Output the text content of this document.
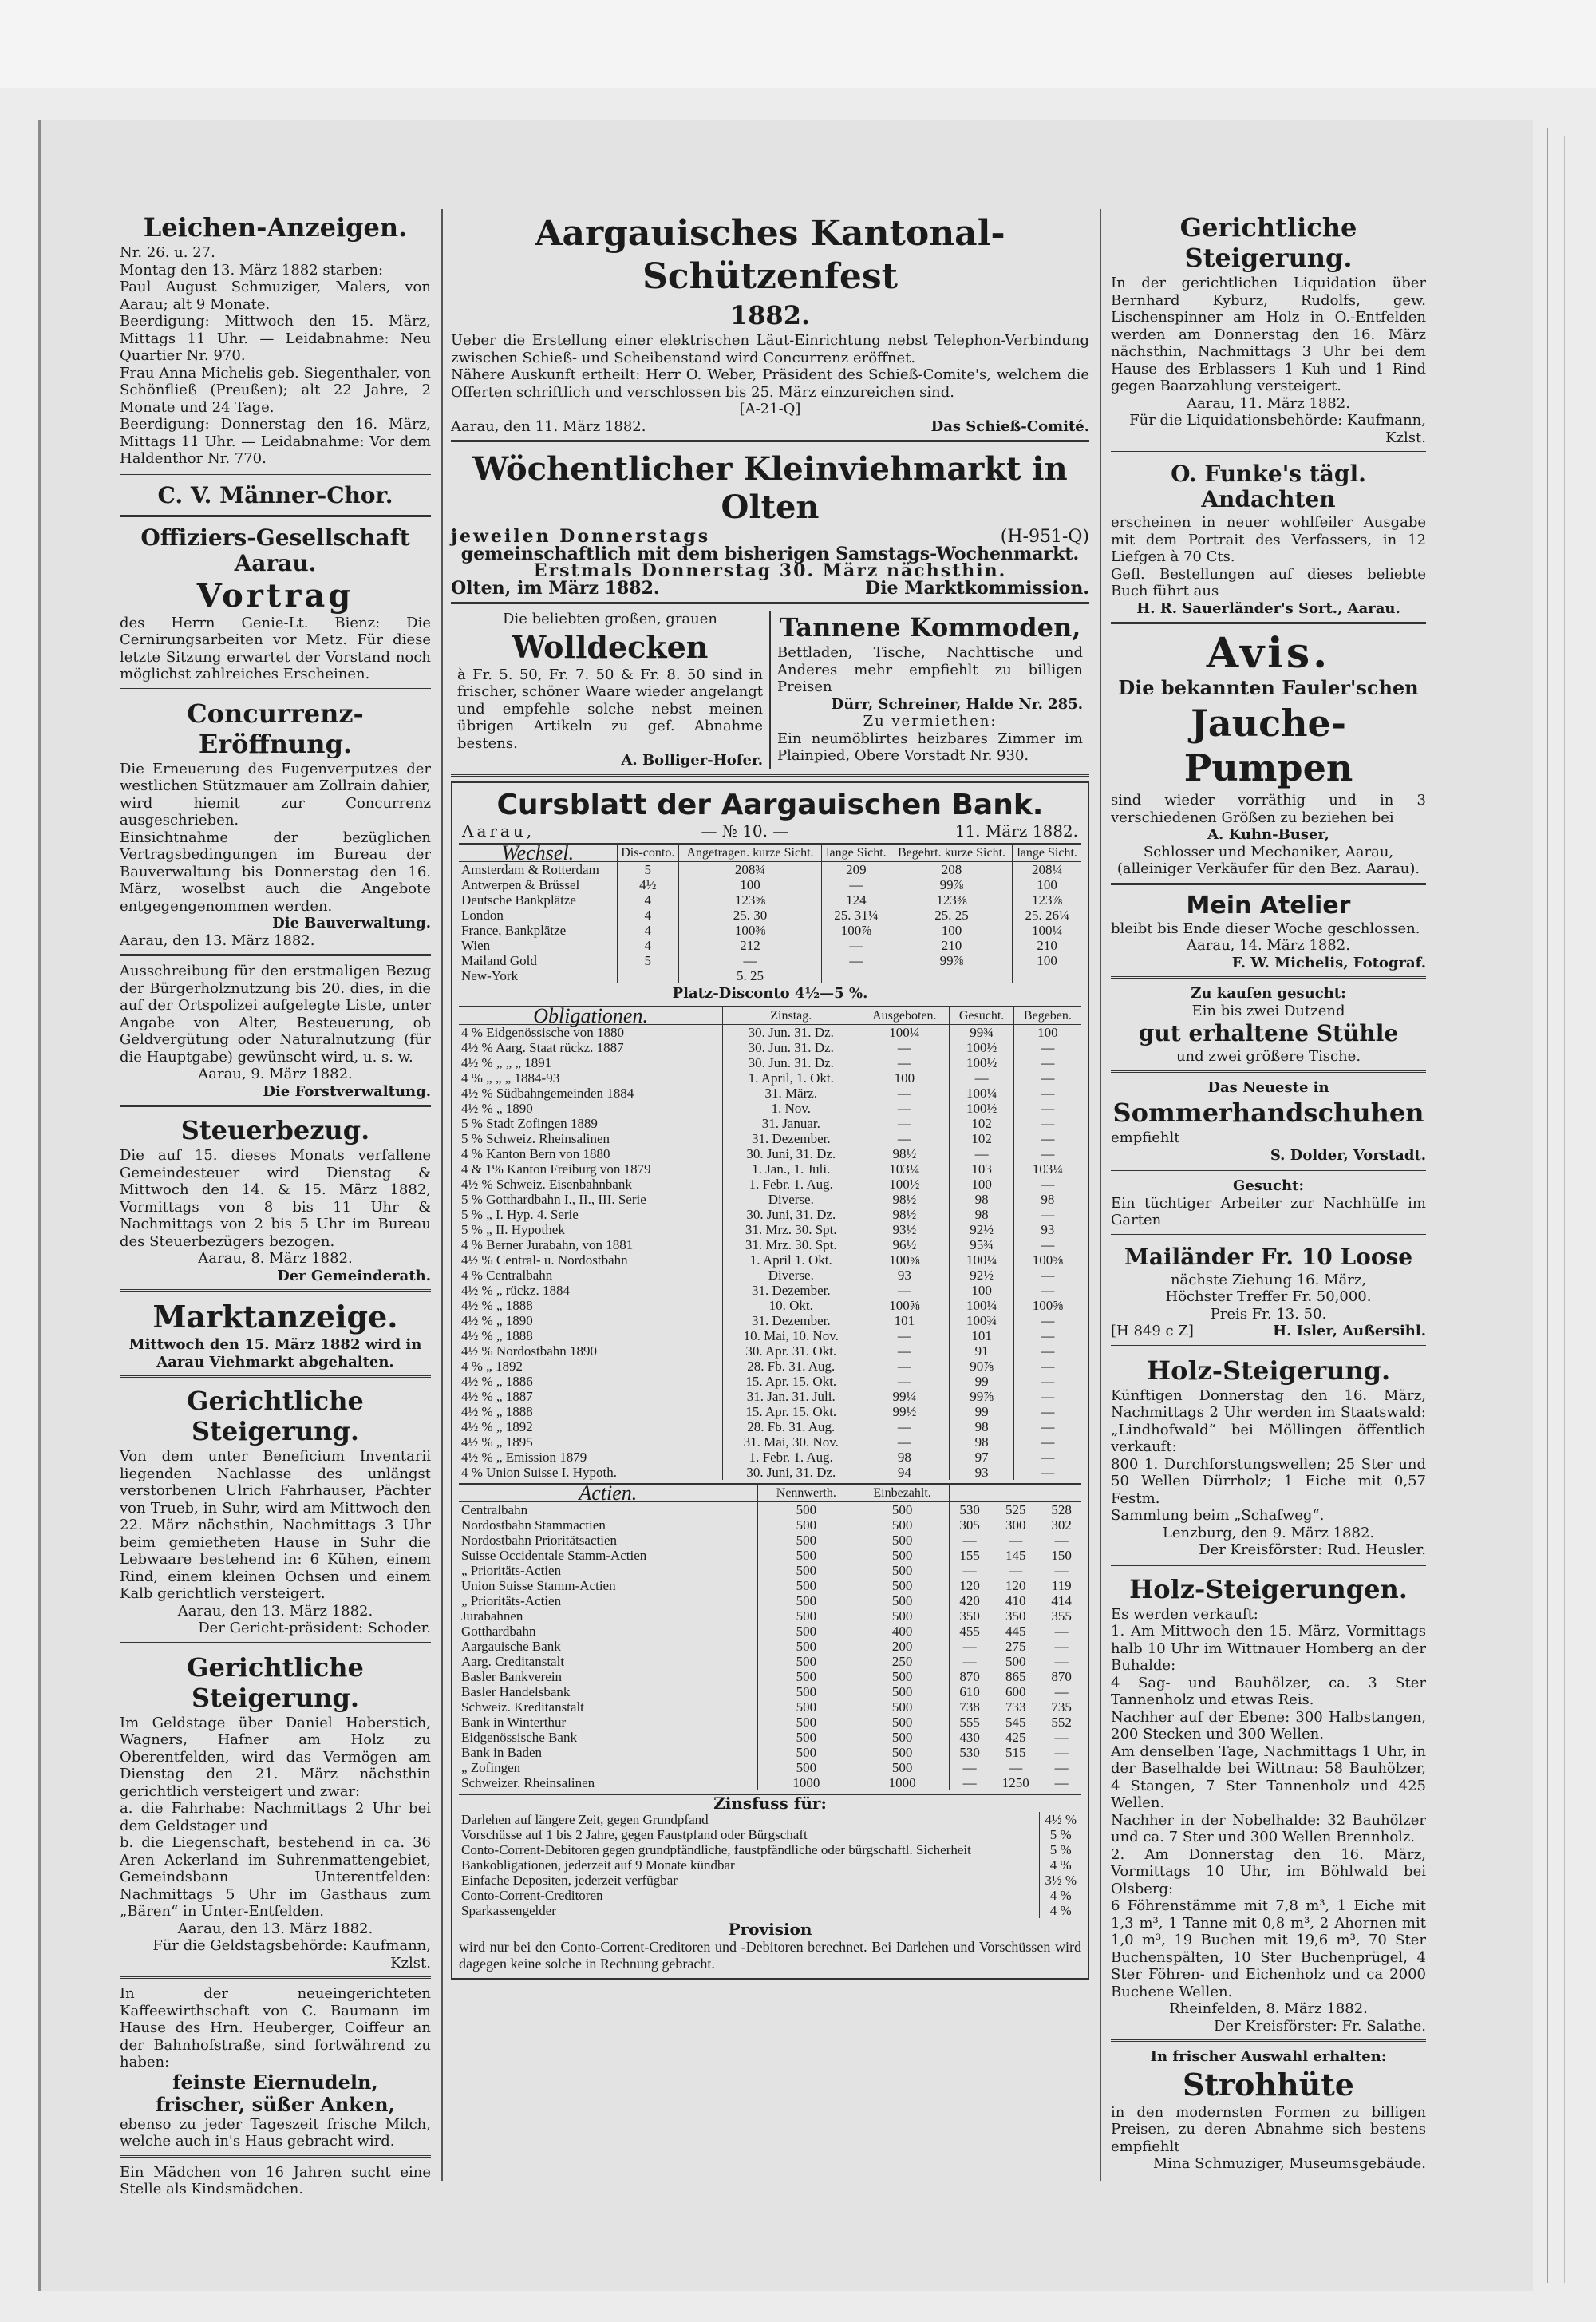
Leichen-Anzeigen.

Nr. 26. u. 27.
Montag den 13. März 1882 starben:
Paul August Schmuziger, Malers, von Aarau; alt 9 Monate.
Beerdigung: Mittwoch den 15. März, Mittags 11 Uhr. — Leidabnahme: Neu Quartier Nr. 970.
Frau Anna Michelis geb. Siegenthaler, von Schönfließ (Preußen); alt 22 Jahre, 2 Monate und 24 Tage.
Beerdigung: Donnerstag den 16. März, Mittags 11 Uhr. — Leidabnahme: Vor dem Haldenthor Nr. 770.

C. V. Männer-Chor.
Offiziers-Gesellschaft Aarau.
Vortrag

des Herrn Genie-Lt. Bienz: Die Cernirungsarbeiten vor Metz. Für diese letzte Sitzung erwartet der Vorstand noch möglichst zahlreiches Erscheinen.

Concurrenz-Eröffnung.

Die Erneuerung des Fugenverputzes der westlichen Stützmauer am Zollrain dahier, wird hiemit zur Concurrenz ausgeschrieben.
Einsichtnahme der bezüglichen Vertragsbedingungen im Bureau der Bauverwaltung bis Donnerstag den 16. März, woselbst auch die Angebote entgegengenommen werden.

Die Bauverwaltung.

Aarau, den 13. März 1882.

Ausschreibung für den erstmaligen Bezug der Bürgerholznutzung bis 20. dies, in die auf der Ortspolizei aufgelegte Liste, unter Angabe von Alter, Besteuerung, ob Geldvergütung oder Naturalnutzung (für die Hauptgabe) gewünscht wird, u. s. w.

Aarau, 9. März 1882.

Die Forstverwaltung.

Steuerbezug.

Die auf 15. dieses Monats verfallene Gemeindesteuer wird Dienstag & Mittwoch den 14. & 15. März 1882, Vormittags von 8 bis 11 Uhr & Nachmittags von 2 bis 5 Uhr im Bureau des Steuerbezügers bezogen.

Aarau, 8. März 1882.

Der Gemeinderath.

Marktanzeige.

Mittwoch den 15. März 1882 wird in Aarau Viehmarkt abgehalten.

Gerichtliche Steigerung.

Von dem unter Beneficium Inventarii liegenden Nachlasse des unlängst verstorbenen Ulrich Fahrhauser, Pächter von Trueb, in Suhr, wird am Mittwoch den 22. März nächsthin, Nachmittags 3 Uhr beim gemietheten Hause in Suhr die Lebwaare bestehend in: 6 Kühen, einem Rind, einem kleinen Ochsen und einem Kalb gerichtlich versteigert.

Aarau, den 13. März 1882.

Der Gericht-präsident: Schoder.

Gerichtliche Steigerung.

Im Geldstage über Daniel Haberstich, Wagners, Hafner am Holz zu Oberentfelden, wird das Vermögen am Dienstag den 21. März nächsthin gerichtlich versteigert und zwar:
a. die Fahrhabe: Nachmittags 2 Uhr bei dem Geldstager und
b. die Liegenschaft, bestehend in ca. 36 Aren Ackerland im Suhrenmattengebiet, Gemeindsbann Unterentfelden: Nachmittags 5 Uhr im Gasthaus zum „Bären“ in Unter-Entfelden.

Aarau, den 13. März 1882.

Für die Geldstagsbehörde: Kaufmann, Kzlst.

In der neueingerichteten Kaffeewirthschaft von C. Baumann im Hause des Hrn. Heuberger, Coiffeur an der Bahnhofstraße, sind fortwährend zu haben:

feinste Eiernudeln,
frischer, süßer Anken,

ebenso zu jeder Tageszeit frische Milch, welche auch in's Haus gebracht wird.

Ein Mädchen von 16 Jahren sucht eine Stelle als Kindsmädchen.

Aargauisches Kantonal-Schützenfest
1882.

Ueber die Erstellung einer elektrischen Läut-Einrichtung nebst Telephon-Verbindung zwischen Schieß- und Scheibenstand wird Concurrenz eröffnet.
Nähere Auskunft ertheilt: Herr O. Weber, Präsident des Schieß-Comite's, welchem die Offerten schriftlich und verschlossen bis 25. März einzureichen sind.

[A-21-Q]

Aarau, den 11. März 1882.	Das Schieß-Comité.
Wöchentlicher Kleinviehmarkt in Olten
jeweilen Donnerstags	(H-951-Q)

gemeinschaftlich mit dem bisherigen Samstags-Wochenmarkt.

Erstmals Donnerstag 30. März nächsthin.

Olten, im März 1882.	Die Marktkommission.

Die beliebten großen, grauen

Wolldecken

à Fr. 5. 50, Fr. 7. 50 & Fr. 8. 50 sind in frischer, schöner Waare wieder angelangt und empfehle solche nebst meinen übrigen Artikeln zu gef. Abnahme bestens.

A. Bolliger-Hofer.

Tannene Kommoden,

Bettladen, Tische, Nachttische und Anderes mehr empfiehlt zu billigen Preisen

Dürr, Schreiner, Halde Nr. 285.

Zu vermiethen:

Ein neumöblirtes heizbares Zimmer im Plainpied, Obere Vorstadt Nr. 930.

Cursblatt der Aargauischen Bank.
Aarau,	— № 10. —	11. März 1882.
Wechsel.	Dis-conto.	Angetragen. kurze Sicht.	lange Sicht.	Begehrt. kurze Sicht.	lange Sicht.
Amsterdam & Rotterdam	5	208¾	209	208	208¼
Antwerpen & Brüssel	4½	100	—	99⅞	100
Deutsche Bankplätze	4	123⅝	124	123⅜	123⅞
London	4	25. 30	25. 31¼	25. 25	25. 26¼
France, Bankplätze	4	100⅜	100⅞	100	100¼
Wien	4	212	—	210	210
Mailand Gold	5	—	—	99⅞	100
New-York		5. 25			

Platz-Disconto 4½—5 %.

Obligationen.	Zinstag.	Ausgeboten.	Gesucht.	Begeben.
4 % Eidgenössische von 1880	30. Jun. 31. Dz.	100¼	99¾	100
4½ % Aarg. Staat rückz. 1887	30. Jun. 31. Dz.	—	100½	—
4½ % „ „ „ 1891	30. Jun. 31. Dz.	—	100½	—
4 % „ „ „ 1884-93	1. April, 1. Okt.	100	—	—
4½ % Südbahngemeinden 1884	31. März.	—	100¼	—
4½ % „ 1890	1. Nov.	—	100½	—
5 % Stadt Zofingen 1889	31. Januar.	—	102	—
5 % Schweiz. Rheinsalinen	31. Dezember.	—	102	—
4 % Kanton Bern von 1880	30. Juni, 31. Dz.	98½	—	—
4 & 1% Kanton Freiburg von 1879	1. Jan., 1. Juli.	103¼	103	103¼
4½ % Schweiz. Eisenbahnbank	1. Febr. 1. Aug.	100½	100	—
5 % Gotthardbahn I., II., III. Serie	Diverse.	98½	98	98
5 % „ I. Hyp. 4. Serie	30. Juni, 31. Dz.	98½	98	—
5 % „ II. Hypothek	31. Mrz. 30. Spt.	93½	92½	93
4 % Berner Jurabahn, von 1881	31. Mrz. 30. Spt.	96½	95¾	—
4½ % Central- u. Nordostbahn	1. April 1. Okt.	100⅝	100¼	100⅝
4 % Centralbahn	Diverse.	93	92½	—
4½ % „ rückz. 1884	31. Dezember.	—	100	—
4½ % „ 1888	10. Okt.	100⅝	100¼	100⅝
4½ % „ 1890	31. Dezember.	101	100¾	—
4½ % „ 1888	10. Mai, 10. Nov.	—	101	—
4½ % Nordostbahn 1890	30. Apr. 31. Okt.	—	91	—
4 % „ 1892	28. Fb. 31. Aug.	—	90⅞	—
4½ % „ 1886	15. Apr. 15. Okt.	—	99	—
4½ % „ 1887	31. Jan. 31. Juli.	99¼	99⅞	—
4½ % „ 1888	15. Apr. 15. Okt.	99½	99	—
4½ % „ 1892	28. Fb. 31. Aug.	—	98	—
4½ % „ 1895	31. Mai, 30. Nov.	—	98	—
4½ % „ Emission 1879	1. Febr. 1. Aug.	98	97	—
4 % Union Suisse I. Hypoth.	30. Juni, 31. Dz.	94	93	—
Actien.	Nennwerth.	Einbezahlt.			
Centralbahn	500	500	530	525	528
Nordostbahn Stammactien	500	500	305	300	302
Nordostbahn Prioritätsactien	500	500	—	—	—
Suisse Occidentale Stamm-Actien	500	500	155	145	150
„ Prioritäts-Actien	500	500	—	—	—
Union Suisse Stamm-Actien	500	500	120	120	119
„ Prioritäts-Actien	500	500	420	410	414
Jurabahnen	500	500	350	350	355
Gotthardbahn	500	400	455	445	—
Aargauische Bank	500	200	—	275	—
Aarg. Creditanstalt	500	250	—	500	—
Basler Bankverein	500	500	870	865	870
Basler Handelsbank	500	500	610	600	—
Schweiz. Kreditanstalt	500	500	738	733	735
Bank in Winterthur	500	500	555	545	552
Eidgenössische Bank	500	500	430	425	—
Bank in Baden	500	500	530	515	—
„ Zofingen	500	500	—	—	—
Schweizer. Rheinsalinen	1000	1000	—	1250	—

Zinsfuss für:

Darlehen auf längere Zeit, gegen Grundpfand	4½ %
Vorschüsse auf 1 bis 2 Jahre, gegen Faustpfand oder Bürgschaft	5 %
Conto-Corrent-Debitoren gegen grundpfändliche, faustpfändliche oder bürgschaftl. Sicherheit	5 %
Bankobligationen, jederzeit auf 9 Monate kündbar	4 %
Einfache Depositen, jederzeit verfügbar	3½ %
Conto-Corrent-Creditoren	4 %
Sparkassengelder	4 %

Provision

wird nur bei den Conto-Corrent-Creditoren und -Debitoren berechnet. Bei Darlehen und Vorschüssen wird dagegen keine solche in Rechnung gebracht.

Gerichtliche Steigerung.

In der gerichtlichen Liquidation über Bernhard Kyburz, Rudolfs, gew. Lischenspinner am Holz in O.-Entfelden werden am Donnerstag den 16. März nächsthin, Nachmittags 3 Uhr bei dem Hause des Erblassers 1 Kuh und 1 Rind gegen Baarzahlung versteigert.

Aarau, 11. März 1882.

Für die Liquidationsbehörde: Kaufmann, Kzlst.

O. Funke's tägl. Andachten

erscheinen in neuer wohlfeiler Ausgabe mit dem Portrait des Verfassers, in 12 Liefgen à 70 Cts.
Gefl. Bestellungen auf dieses beliebte Buch führt aus

H. R. Sauerländer's Sort., Aarau.

Avis.

Die bekannten Fauler'schen

Jauche-Pumpen

sind wieder vorräthig und in 3 verschiedenen Größen zu beziehen bei

A. Kuhn-Buser,

Schlosser und Mechaniker, Aarau, (alleiniger Verkäufer für den Bez. Aarau).

Mein Atelier

bleibt bis Ende dieser Woche geschlossen.

Aarau, 14. März 1882.

F. W. Michelis, Fotograf.

Zu kaufen gesucht:

Ein bis zwei Dutzend

gut erhaltene Stühle

und zwei größere Tische.

Das Neueste in

Sommerhandschuhen

empfiehlt

S. Dolder, Vorstadt.

Gesucht:

Ein tüchtiger Arbeiter zur Nachhülfe im Garten

Mailänder Fr. 10 Loose

nächste Ziehung 16. März,
Höchster Treffer Fr. 50,000.
Preis Fr. 13. 50.

[H 849 c Z]	H. Isler, Außersihl.
Holz-Steigerung.

Künftigen Donnerstag den 16. März, Nachmittags 2 Uhr werden im Staatswald: „Lindhofwald“ bei Möllingen öffentlich verkauft:
800 1. Durchforstungswellen; 25 Ster und 50 Wellen Dürrholz; 1 Eiche mit 0,57 Festm.
Sammlung beim „Schafweg“.

Lenzburg, den 9. März 1882.

Der Kreisförster: Rud. Heusler.

Holz-Steigerungen.

Es werden verkauft:
1. Am Mittwoch den 15. März, Vormittags halb 10 Uhr im Wittnauer Homberg an der Buhalde:
4 Sag- und Bauhölzer, ca. 3 Ster Tannenholz und etwas Reis.
Nachher auf der Ebene: 300 Halbstangen, 200 Stecken und 300 Wellen.
Am denselben Tage, Nachmittags 1 Uhr, in der Baselhalde bei Wittnau: 58 Bauhölzer, 4 Stangen, 7 Ster Tannenholz und 425 Wellen.
Nachher in der Nobelhalde: 32 Bauhölzer und ca. 7 Ster und 300 Wellen Brennholz.
2. Am Donnerstag den 16. März, Vormittags 10 Uhr, im Böhlwald bei Olsberg:
6 Föhrenstämme mit 7,8 m³, 1 Eiche mit 1,3 m³, 1 Tanne mit 0,8 m³, 2 Ahornen mit 1,0 m³, 19 Buchen mit 19,6 m³, 70 Ster Buchenspälten, 10 Ster Buchenprügel, 4 Ster Föhren- und Eichenholz und ca 2000 Buchene Wellen.

Rheinfelden, 8. März 1882.

Der Kreisförster: Fr. Salathe.

In frischer Auswahl erhalten:

Strohhüte

in den modernsten Formen zu billigen Preisen, zu deren Abnahme sich bestens empfiehlt

Mina Schmuziger, Museumsgebäude.
